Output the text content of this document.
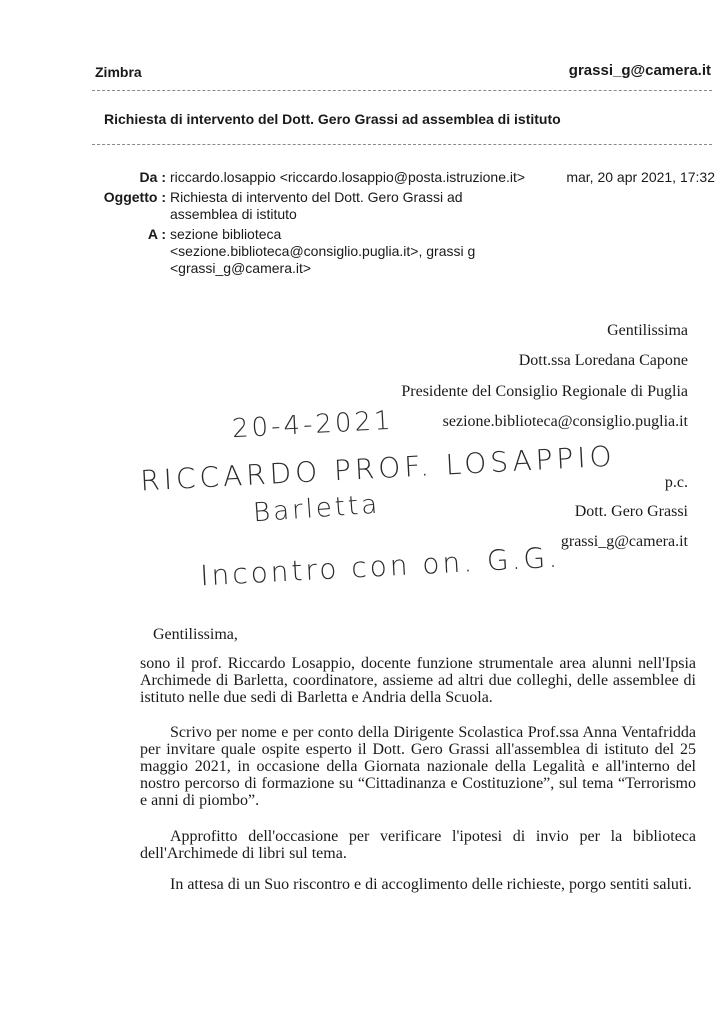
Zimbra	grassi_g@camera.it
Richiesta di intervento del Dott. Gero Grassi ad assemblea di istituto
Da : riccardo.losappio <riccardo.losappio@posta.istruzione.it>	mar, 20 apr 2021, 17:32
Oggetto : Richiesta di intervento del Dott. Gero Grassi ad
assemblea di istituto
A : sezione biblioteca
<sezione.biblioteca@consiglio.puglia.it>, grassi g
<grassi_g@camera.it>
Gentilissima
Dott.ssa Loredana Capone
Presidente del Consiglio Regionale di Puglia
sezione.biblioteca@consiglio.puglia.it
p.c.
Dott. Gero Grassi
grassi_g@camera.it
20-4-2021
RICCARDO PROF. LOSAPPIO
Barletta
Incontro con on. G.G.
Gentilissima,
sono il prof. Riccardo Losappio, docente funzione strumentale area alunni nell'Ipsia Archimede di Barletta, coordinatore, assieme ad altri due colleghi, delle assemblee di istituto nelle due sedi di Barletta e Andria della Scuola.
Scrivo per nome e per conto della Dirigente Scolastica Prof.ssa Anna Ventafridda per invitare quale ospite esperto il Dott. Gero Grassi all'assemblea di istituto del 25 maggio 2021, in occasione della Giornata nazionale della Legalità e all'interno del nostro percorso di formazione su “Cittadinanza e Costituzione”, sul tema “Terrorismo e anni di piombo”.
Approfitto dell'occasione per verificare l'ipotesi di invio per la biblioteca dell'Archimede di libri sul tema.
In attesa di un Suo riscontro e di accoglimento delle richieste, porgo sentiti saluti.
